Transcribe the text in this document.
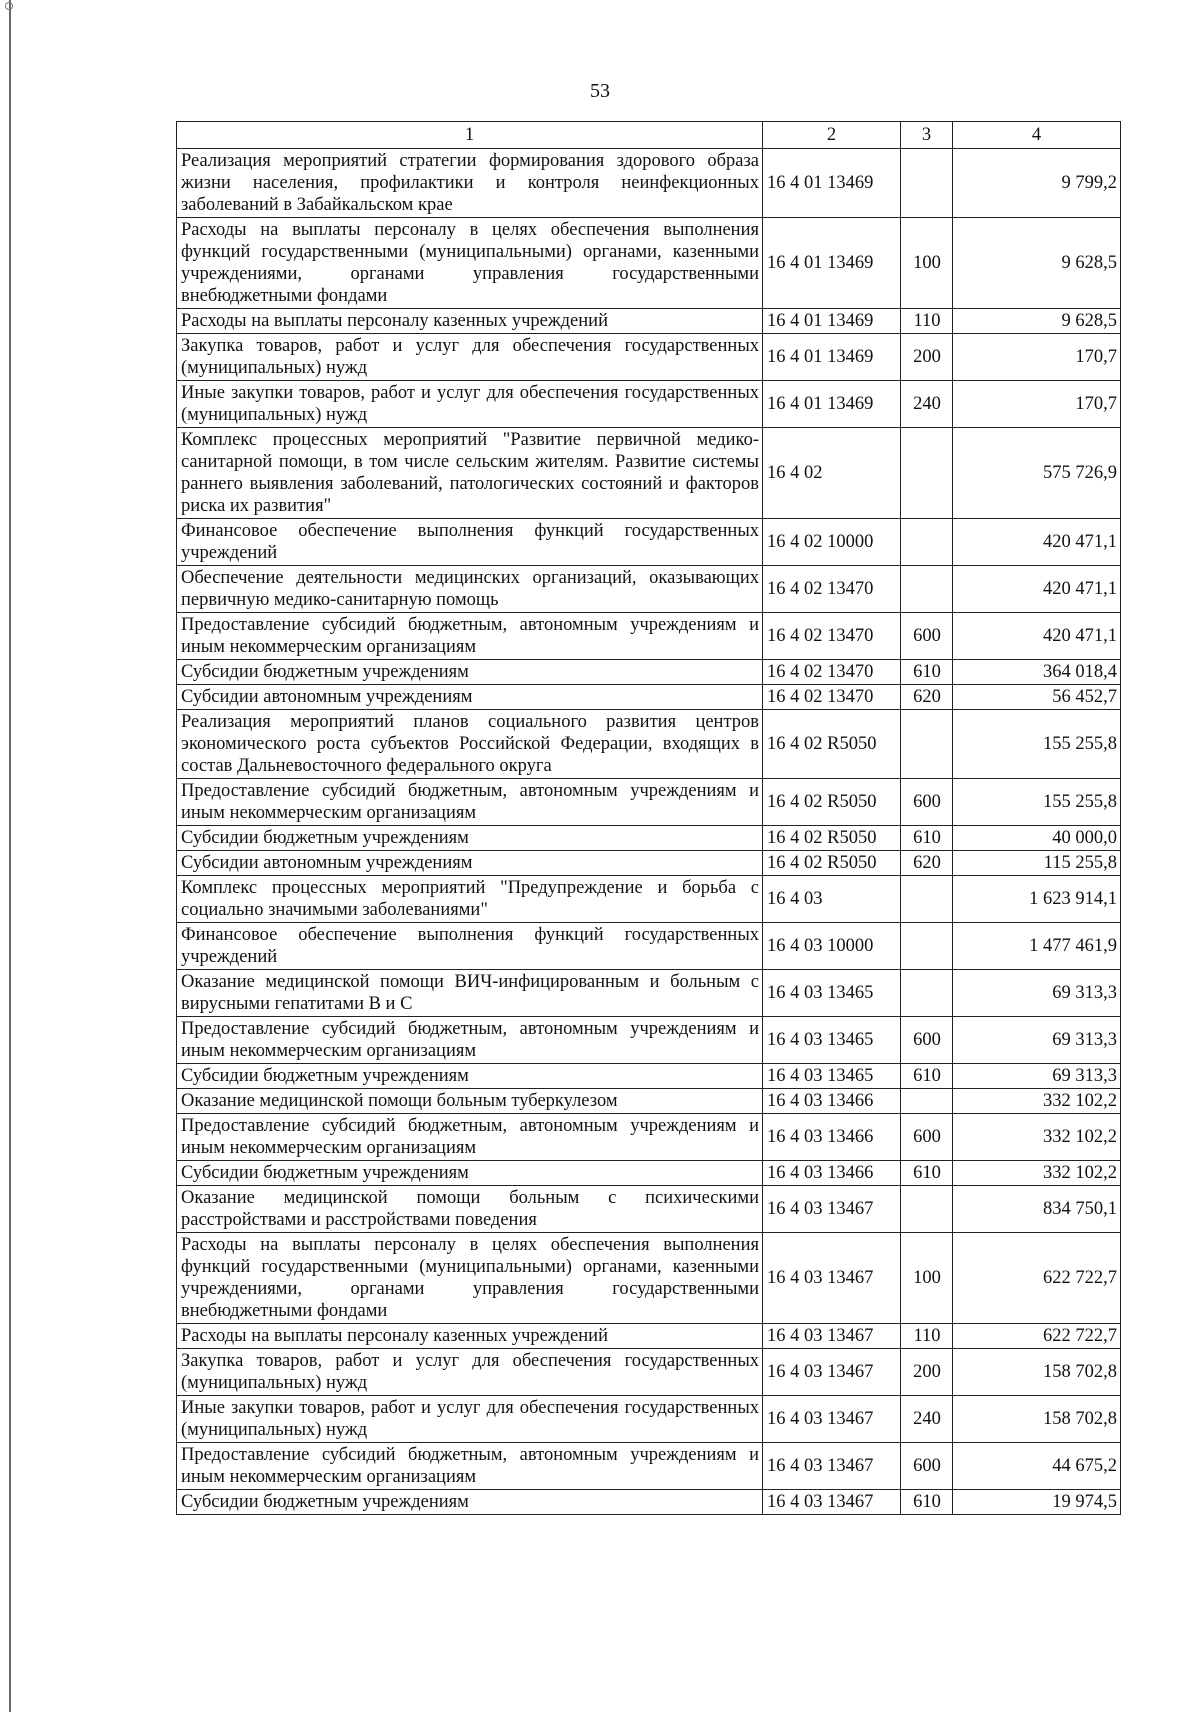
53
1	2	3	4
Реализация мероприятий стратегии формирования здорового образа жизни населения, профилактики и контроля неинфекционных заболеваний в Забайкальском крае	16 4 01 13469		9 799,2
Расходы на выплаты персоналу в целях обеспечения выполнения функций государственными (муниципальными) органами, казенными учреждениями, органами управления государственными внебюджетными фондами	16 4 01 13469	100	9 628,5
Расходы на выплаты персоналу казенных учреждений	16 4 01 13469	110	9 628,5
Закупка товаров, работ и услуг для обеспечения государственных (муниципальных) нужд	16 4 01 13469	200	170,7
Иные закупки товаров, работ и услуг для обеспечения государственных (муниципальных) нужд	16 4 01 13469	240	170,7
Комплекс процессных мероприятий "Развитие первичной медико-санитарной помощи, в том числе сельским жителям. Развитие системы раннего выявления заболеваний, патологических состояний и факторов риска их развития"	16 4 02		575 726,9
Финансовое обеспечение выполнения функций государственных учреждений	16 4 02 10000		420 471,1
Обеспечение деятельности медицинских организаций, оказывающих первичную медико-санитарную помощь	16 4 02 13470		420 471,1
Предоставление субсидий бюджетным, автономным учреждениям и иным некоммерческим организациям	16 4 02 13470	600	420 471,1
Субсидии бюджетным учреждениям	16 4 02 13470	610	364 018,4
Субсидии автономным учреждениям	16 4 02 13470	620	56 452,7
Реализация мероприятий планов социального развития центров экономического роста субъектов Российской Федерации, входящих в состав Дальневосточного федерального округа	16 4 02 R5050		155 255,8
Предоставление субсидий бюджетным, автономным учреждениям и иным некоммерческим организациям	16 4 02 R5050	600	155 255,8
Субсидии бюджетным учреждениям	16 4 02 R5050	610	40 000,0
Субсидии автономным учреждениям	16 4 02 R5050	620	115 255,8
Комплекс процессных мероприятий "Предупреждение и борьба с социально значимыми заболеваниями"	16 4 03		1 623 914,1
Финансовое обеспечение выполнения функций государственных учреждений	16 4 03 10000		1 477 461,9
Оказание медицинской помощи ВИЧ-инфицированным и больным с вирусными гепатитами В и С	16 4 03 13465		69 313,3
Предоставление субсидий бюджетным, автономным учреждениям и иным некоммерческим организациям	16 4 03 13465	600	69 313,3
Субсидии бюджетным учреждениям	16 4 03 13465	610	69 313,3
Оказание медицинской помощи больным туберкулезом	16 4 03 13466		332 102,2
Предоставление субсидий бюджетным, автономным учреждениям и иным некоммерческим организациям	16 4 03 13466	600	332 102,2
Субсидии бюджетным учреждениям	16 4 03 13466	610	332 102,2
Оказание медицинской помощи больным с психическими расстройствами и расстройствами поведения	16 4 03 13467		834 750,1
Расходы на выплаты персоналу в целях обеспечения выполнения функций государственными (муниципальными) органами, казенными учреждениями, органами управления государственными внебюджетными фондами	16 4 03 13467	100	622 722,7
Расходы на выплаты персоналу казенных учреждений	16 4 03 13467	110	622 722,7
Закупка товаров, работ и услуг для обеспечения государственных (муниципальных) нужд	16 4 03 13467	200	158 702,8
Иные закупки товаров, работ и услуг для обеспечения государственных (муниципальных) нужд	16 4 03 13467	240	158 702,8
Предоставление субсидий бюджетным, автономным учреждениям и иным некоммерческим организациям	16 4 03 13467	600	44 675,2
Субсидии бюджетным учреждениям	16 4 03 13467	610	19 974,5
